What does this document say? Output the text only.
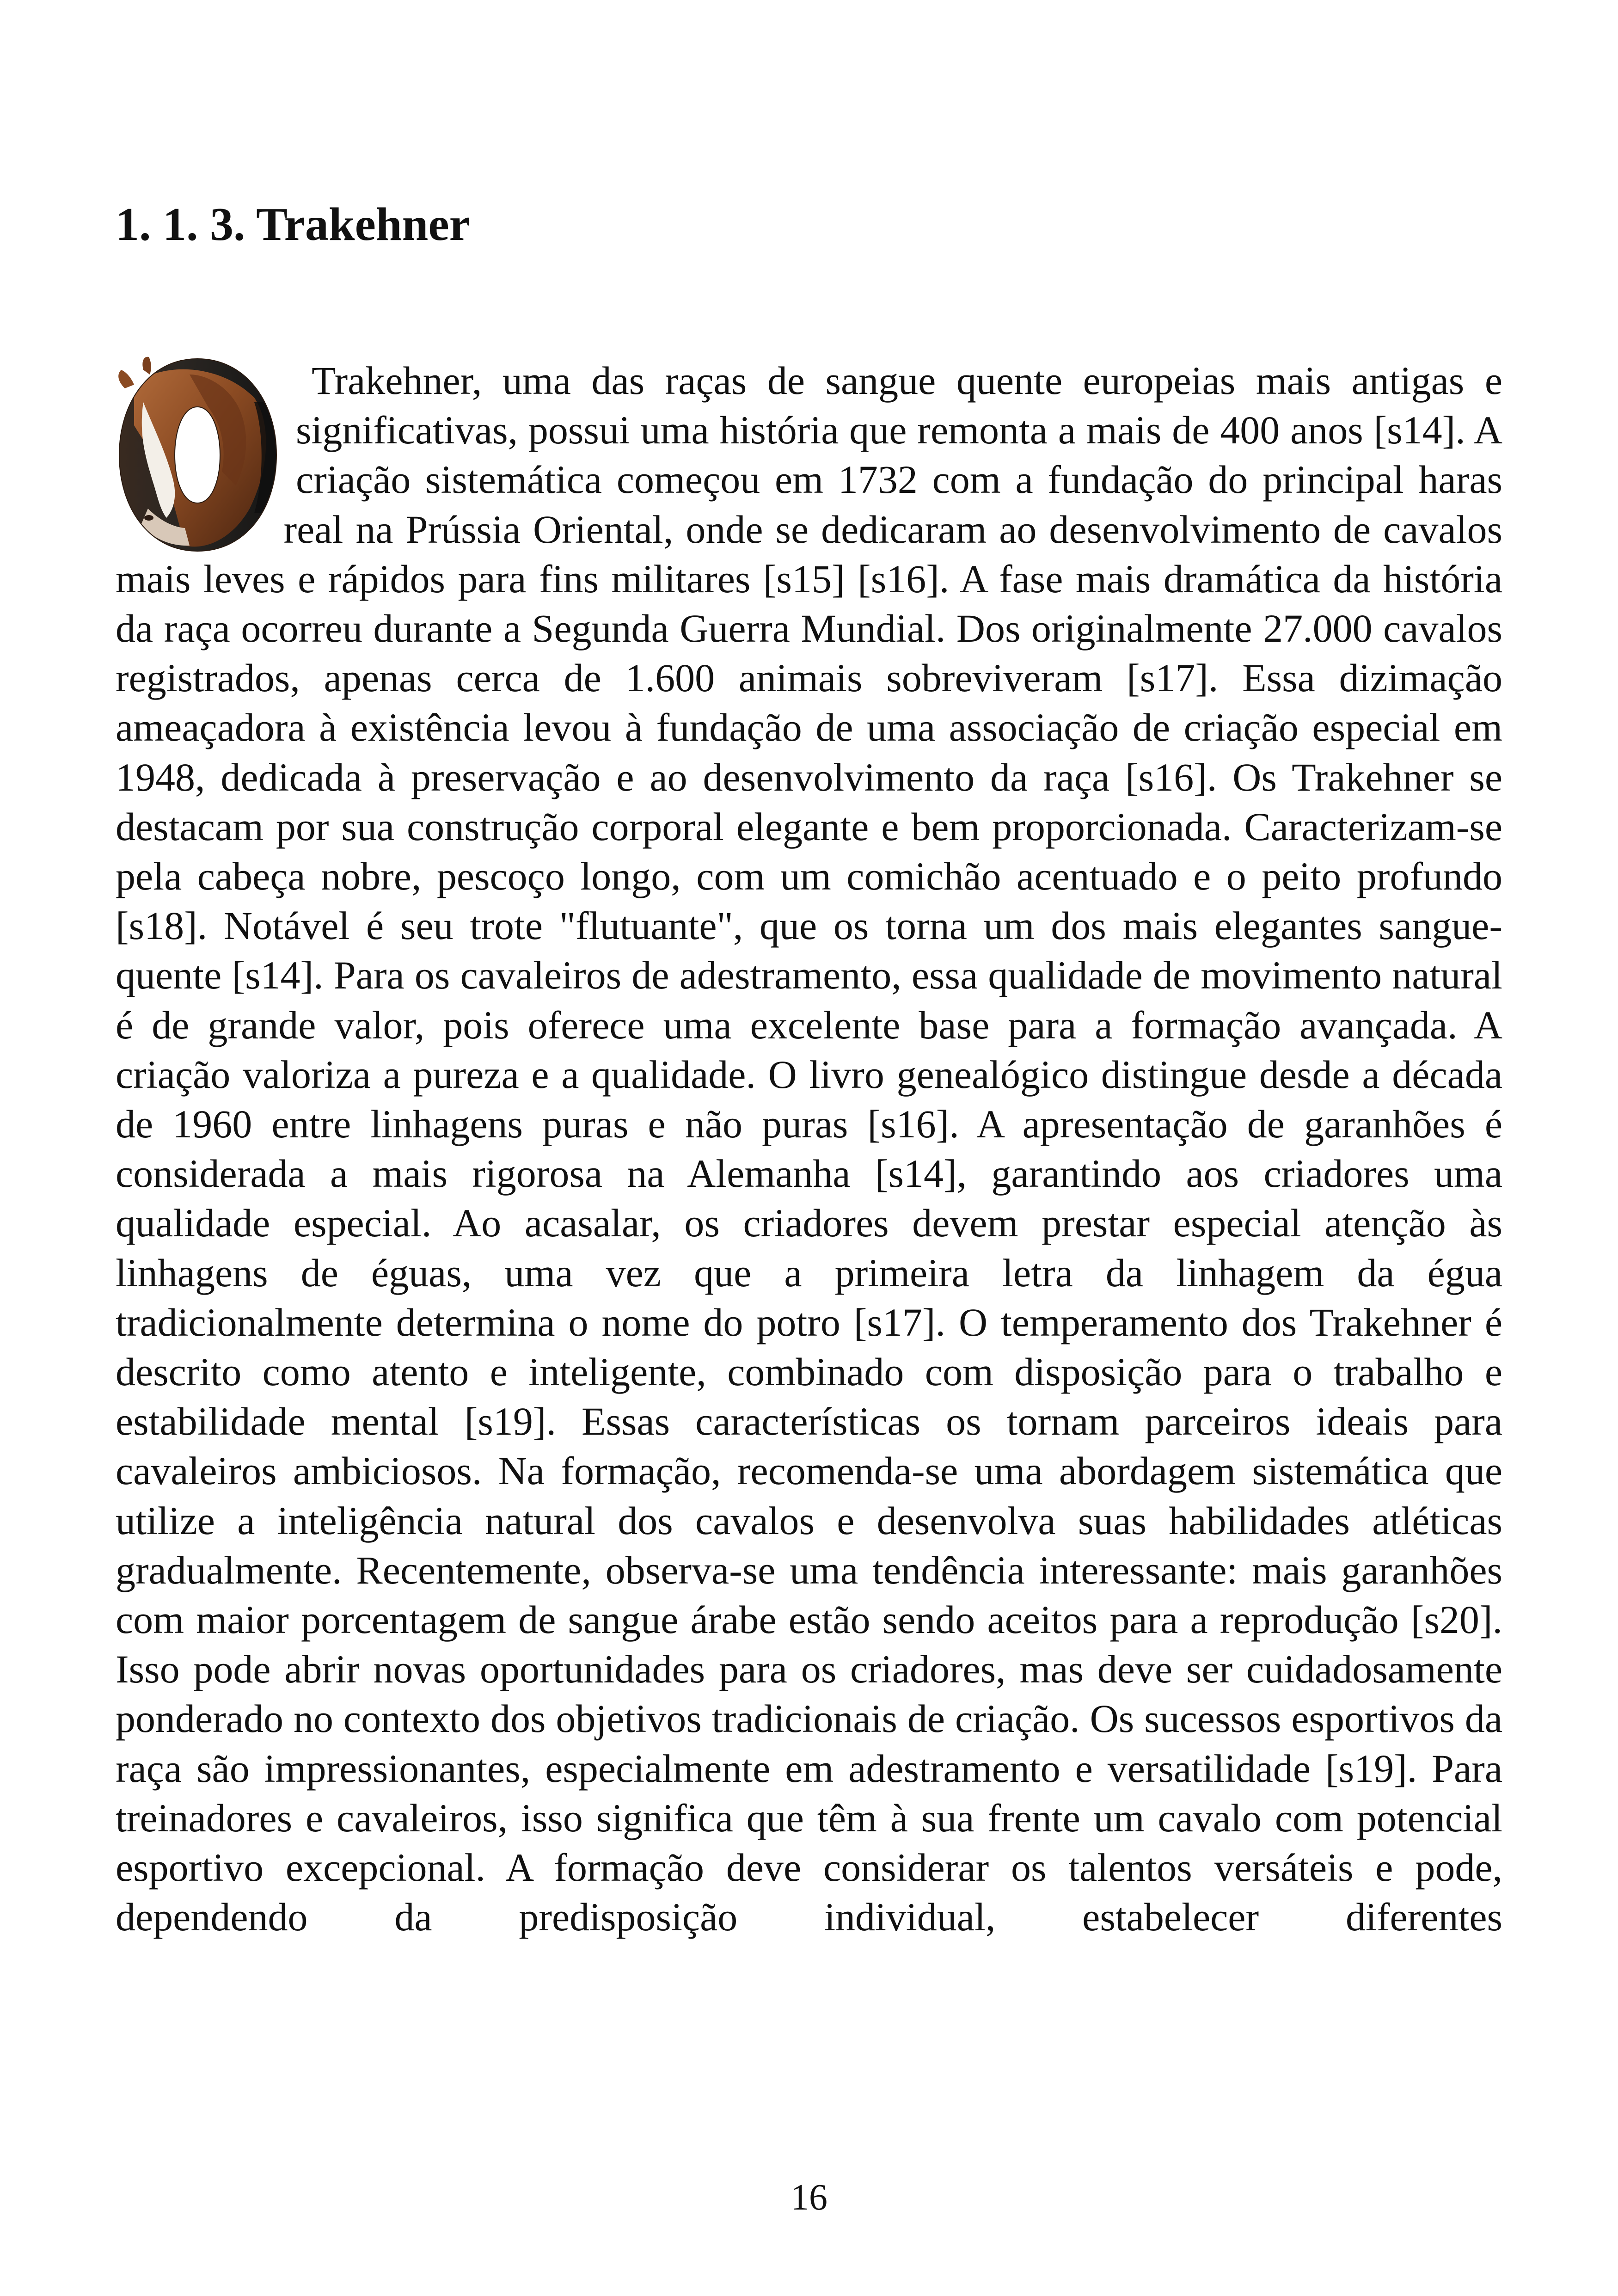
1. 1. 3. Trakehner
Trakehner, uma das raças de sangue quente europeias mais antigas e significativas, possui uma história que remonta a mais de 400 anos [s14]. A criação sistemática começou em 1732 com a fundação do principal haras real na Prússia Oriental, onde se dedicaram ao desenvolvimento de cavalos mais leves e rápidos para fins militares [s15] [s16]. A fase mais dramática da história da raça ocorreu durante a Segunda Guerra Mundial. Dos originalmente 27.000 cavalos registrados, apenas cerca de 1.600 animais sobreviveram [s17]. Essa dizimação ameaçadora à existência levou à fundação de uma associação de criação especial em 1948, dedicada à preservação e ao desenvolvimento da raça [s16]. Os Trakehner se destacam por sua construção corporal elegante e bem proporcionada. Caracterizam-se pela cabeça nobre, pescoço longo, com um comichão acentuado e o peito profundo [s18]. Notável é seu trote "flutuante", que os torna um dos mais elegantes sangue-quente [s14]. Para os cavaleiros de adestramento, essa qualidade de movimento natural é de grande valor, pois oferece uma excelente base para a formação avançada. A criação valoriza a pureza e a qualidade. O livro genealógico distingue desde a década de 1960 entre linhagens puras e não puras [s16]. A apresentação de garanhões é considerada a mais rigorosa na Alemanha [s14], garantindo aos criadores uma qualidade especial. Ao acasalar, os criadores devem prestar especial atenção às linhagens de éguas, uma vez que a primeira letra da linhagem da égua tradicionalmente determina o nome do potro [s17]. O temperamento dos Trakehner é descrito como atento e inteligente, combinado com disposição para o trabalho e estabilidade mental [s19]. Essas características os tornam parceiros ideais para cavaleiros ambiciosos. Na formação, recomenda-se uma abordagem sistemática que utilize a inteligência natural dos cavalos e desenvolva suas habilidades atléticas gradualmente. Recentemente, observa-se uma tendência interessante: mais garanhões com maior porcentagem de sangue árabe estão sendo aceitos para a reprodução [s20]. Isso pode abrir novas oportunidades para os criadores, mas deve ser cuidadosamente ponderado no contexto dos objetivos tradicionais de criação. Os sucessos esportivos da raça são impressionantes, especialmente em adestramento e versatilidade [s19]. Para treinadores e cavaleiros, isso significa que têm à sua frente um cavalo com potencial esportivo excepcional. A formação deve considerar os talentos versáteis e pode, dependendo da predisposição individual, estabelecer diferentes

16
